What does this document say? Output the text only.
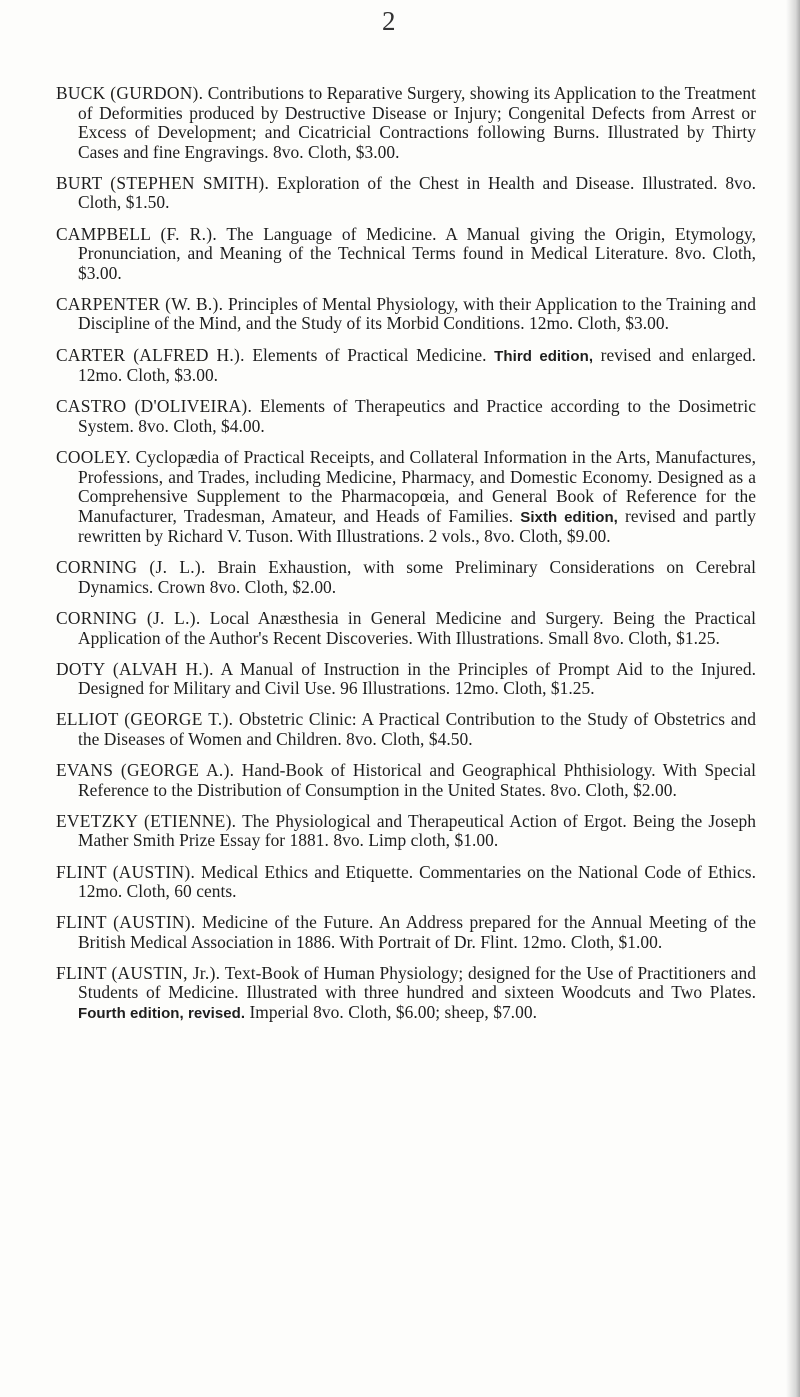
2

BUCK (GURDON). Contributions to Reparative Surgery, showing its Application to the Treatment of Deformities produced by Destructive Disease or Injury; Congenital Defects from Arrest or Excess of Development; and Cicatricial Contractions following Burns. Illustrated by Thirty Cases and fine Engravings. 8vo. Cloth, $3.00.

BURT (STEPHEN SMITH). Exploration of the Chest in Health and Disease. Illustrated. 8vo. Cloth, $1.50.

CAMPBELL (F. R.). The Language of Medicine. A Manual giving the Origin, Etymology, Pronunciation, and Meaning of the Technical Terms found in Medical Literature. 8vo. Cloth, $3.00.

CARPENTER (W. B.). Principles of Mental Physiology, with their Application to the Training and Discipline of the Mind, and the Study of its Morbid Conditions. 12mo. Cloth, $3.00.

CARTER (ALFRED H.). Elements of Practical Medicine. Third edition, revised and enlarged. 12mo. Cloth, $3.00.

CASTRO (D'OLIVEIRA). Elements of Therapeutics and Practice according to the Dosimetric System. 8vo. Cloth, $4.00.

COOLEY. Cyclopædia of Practical Receipts, and Collateral Information in the Arts, Manufactures, Professions, and Trades, including Medicine, Pharmacy, and Domestic Economy. Designed as a Comprehensive Supplement to the Pharmacopœia, and General Book of Reference for the Manufacturer, Tradesman, Amateur, and Heads of Families. Sixth edition, revised and partly rewritten by Richard V. Tuson. With Illustrations. 2 vols., 8vo. Cloth, $9.00.

CORNING (J. L.). Brain Exhaustion, with some Preliminary Considerations on Cerebral Dynamics. Crown 8vo. Cloth, $2.00.

CORNING (J. L.). Local Anæsthesia in General Medicine and Surgery. Being the Practical Application of the Author's Recent Discoveries. With Illustrations. Small 8vo. Cloth, $1.25.

DOTY (ALVAH H.). A Manual of Instruction in the Principles of Prompt Aid to the Injured. Designed for Military and Civil Use. 96 Illustrations. 12mo. Cloth, $1.25.

ELLIOT (GEORGE T.). Obstetric Clinic: A Practical Contribution to the Study of Obstetrics and the Diseases of Women and Children. 8vo. Cloth, $4.50.

EVANS (GEORGE A.). Hand-Book of Historical and Geographical Phthisiology. With Special Reference to the Distribution of Consumption in the United States. 8vo. Cloth, $2.00.

EVETZKY (ETIENNE). The Physiological and Therapeutical Action of Ergot. Being the Joseph Mather Smith Prize Essay for 1881. 8vo. Limp cloth, $1.00.

FLINT (AUSTIN). Medical Ethics and Etiquette. Commentaries on the National Code of Ethics. 12mo. Cloth, 60 cents.

FLINT (AUSTIN). Medicine of the Future. An Address prepared for the Annual Meeting of the British Medical Association in 1886. With Portrait of Dr. Flint. 12mo. Cloth, $1.00.

FLINT (AUSTIN, Jr.). Text-Book of Human Physiology; designed for the Use of Practitioners and Students of Medicine. Illustrated with three hundred and sixteen Woodcuts and Two Plates. Fourth edition, revised. Imperial 8vo. Cloth, $6.00; sheep, $7.00.
